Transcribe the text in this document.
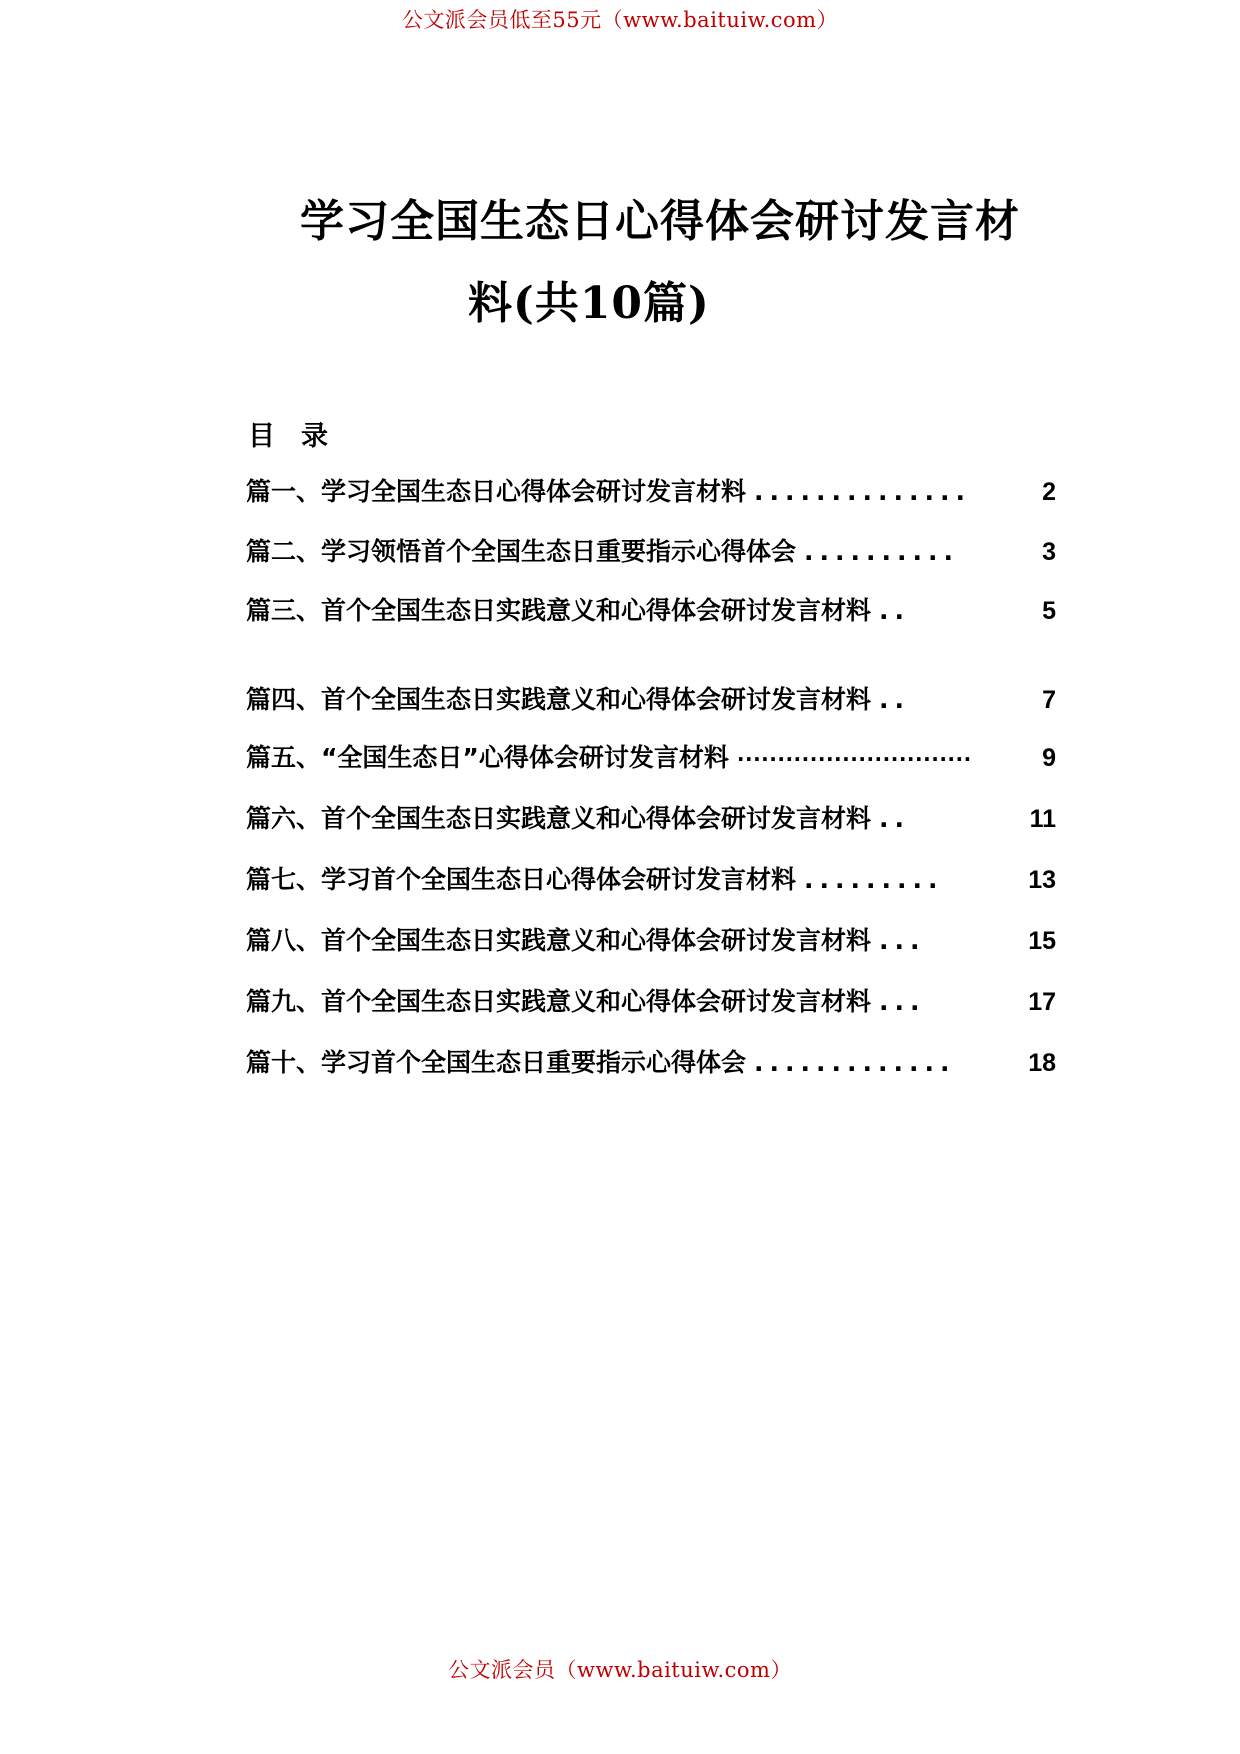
公文派会员低至55元（www.baituiw.com）
学习全国生态日心得体会研讨发言材
料(共10篇)
目录
篇一、学习全国生态日心得体会研讨发言材料 ..............	2
篇二、学习领悟首个全国生态日重要指示心得体会 ..........	3
篇三、首个全国生态日实践意义和心得体会研讨发言材料 ..	5
篇四、首个全国生态日实践意义和心得体会研讨发言材料 ..	7
篇五、“全国生态日”心得体会研讨发言材料 ·····························	9
篇六、首个全国生态日实践意义和心得体会研讨发言材料 ..	11
篇七、学习首个全国生态日心得体会研讨发言材料 .........	13
篇八、首个全国生态日实践意义和心得体会研讨发言材料 ...	15
篇九、首个全国生态日实践意义和心得体会研讨发言材料 ...	17
篇十、学习首个全国生态日重要指示心得体会 .............	18
公文派会员（www.baituiw.com）
